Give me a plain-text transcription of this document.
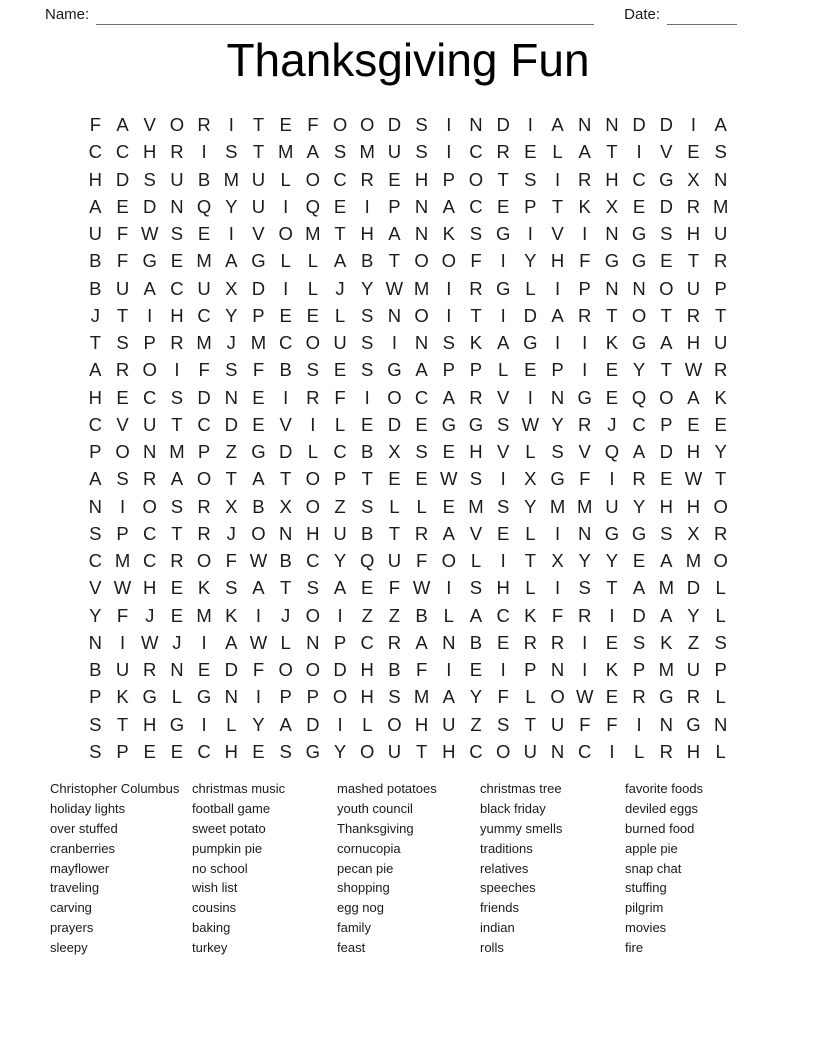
Name:	Date:
Thanksgiving Fun
F A V O R I	T E F O O D S I N D I A N N D D I A
C C H R I S T M A S M U S I C R E L A T	I V E S
H D S U B M U L O C R E H P O T S I R H C G X N
A E D N Q Y U I Q E I P N A C E P T K X E D R M
U F W S E I V O M T H A N K S G I V I N G S H U
B F G E M A G L L A B T O O F	I Y H F G G E T R
B U A C U X D I	L J Y W M I R G L	I P N N O U P
J T	I H C Y P E E L S N O I	T	I D A R T O T R T
T S P R M J M C O U S I N S K A G I	I K G A H U
A R O I	F S F B S E S G A P P L E P I E Y T W R
H E C S D N E I R F	I O C A R V I N G E Q O A K
C V U T C D E V I	L E D E G G S W Y R J C P E E
P O N M P Z G D L C B X S E H V L S V Q A D H Y
A S R A O T A T O P T E E W S I X G F	I R E W T
N I O S R X B X O Z S L L E M S Y M M U Y H H O
S P C T R J O N H U B T R A V E L	I N G G S X R
C M C R O F W B C Y Q U F O L	I	T X Y Y E A M O
V W H E K S A T S A E F W I S H L	I S T A M D L
Y F J E M K I	J O I	Z Z B L A C K F R I D A Y L
N I W J	I A W L N P C R A N B E R R I E S K Z S
B U R N E D F O O D H B F	I E I P N I K P M U P
P K G L G N I P P O H S M A Y F L O W E R G R L
S T H G I	L Y A D I	L O H U Z S T U F F	I N G N
S P E E C H E S G Y O U T H C O U N C I	L R H L
Christopher Columbus
holiday lights
over stuffed
cranberries
mayflower
traveling
carving
prayers
sleepy
christmas music
football game
sweet potato
pumpkin pie
no school
wish list
cousins
baking
turkey
mashed potatoes
youth council
Thanksgiving
cornucopia
pecan pie
shopping
egg nog
family
feast
christmas tree
black friday
yummy smells
traditions
relatives
speeches
friends
indian
rolls
favorite foods
deviled eggs
burned food
apple pie
snap chat
stuffing
pilgrim
movies
fire
